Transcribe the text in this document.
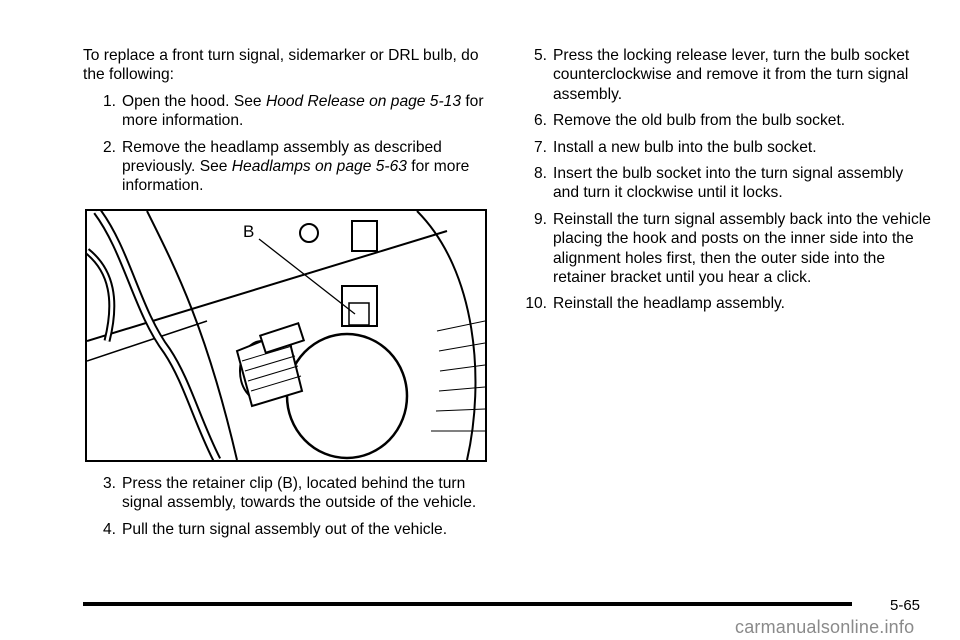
To replace a front turn signal, sidemarker or DRL bulb, do the following:

1. Open the hood. See Hood Release on page 5-13 for more information.
2. Remove the headlamp assembly as described previously. See Headlamps on page 5-63 for more information.
B
3. Press the retainer clip (B), located behind the turn signal assembly, towards the outside of the vehicle.
4. Pull the turn signal assembly out of the vehicle.
5. Press the locking release lever, turn the bulb socket counterclockwise and remove it from the turn signal assembly.
6. Remove the old bulb from the bulb socket.
7. Install a new bulb into the bulb socket.
8. Insert the bulb socket into the turn signal assembly and turn it clockwise until it locks.
9. Reinstall the turn signal assembly back into the vehicle placing the hook and posts on the inner side into the alignment holes first, then the outer side into the retainer bracket until you hear a click.
10. Reinstall the headlamp assembly.
5-65
carmanualsonline.info
